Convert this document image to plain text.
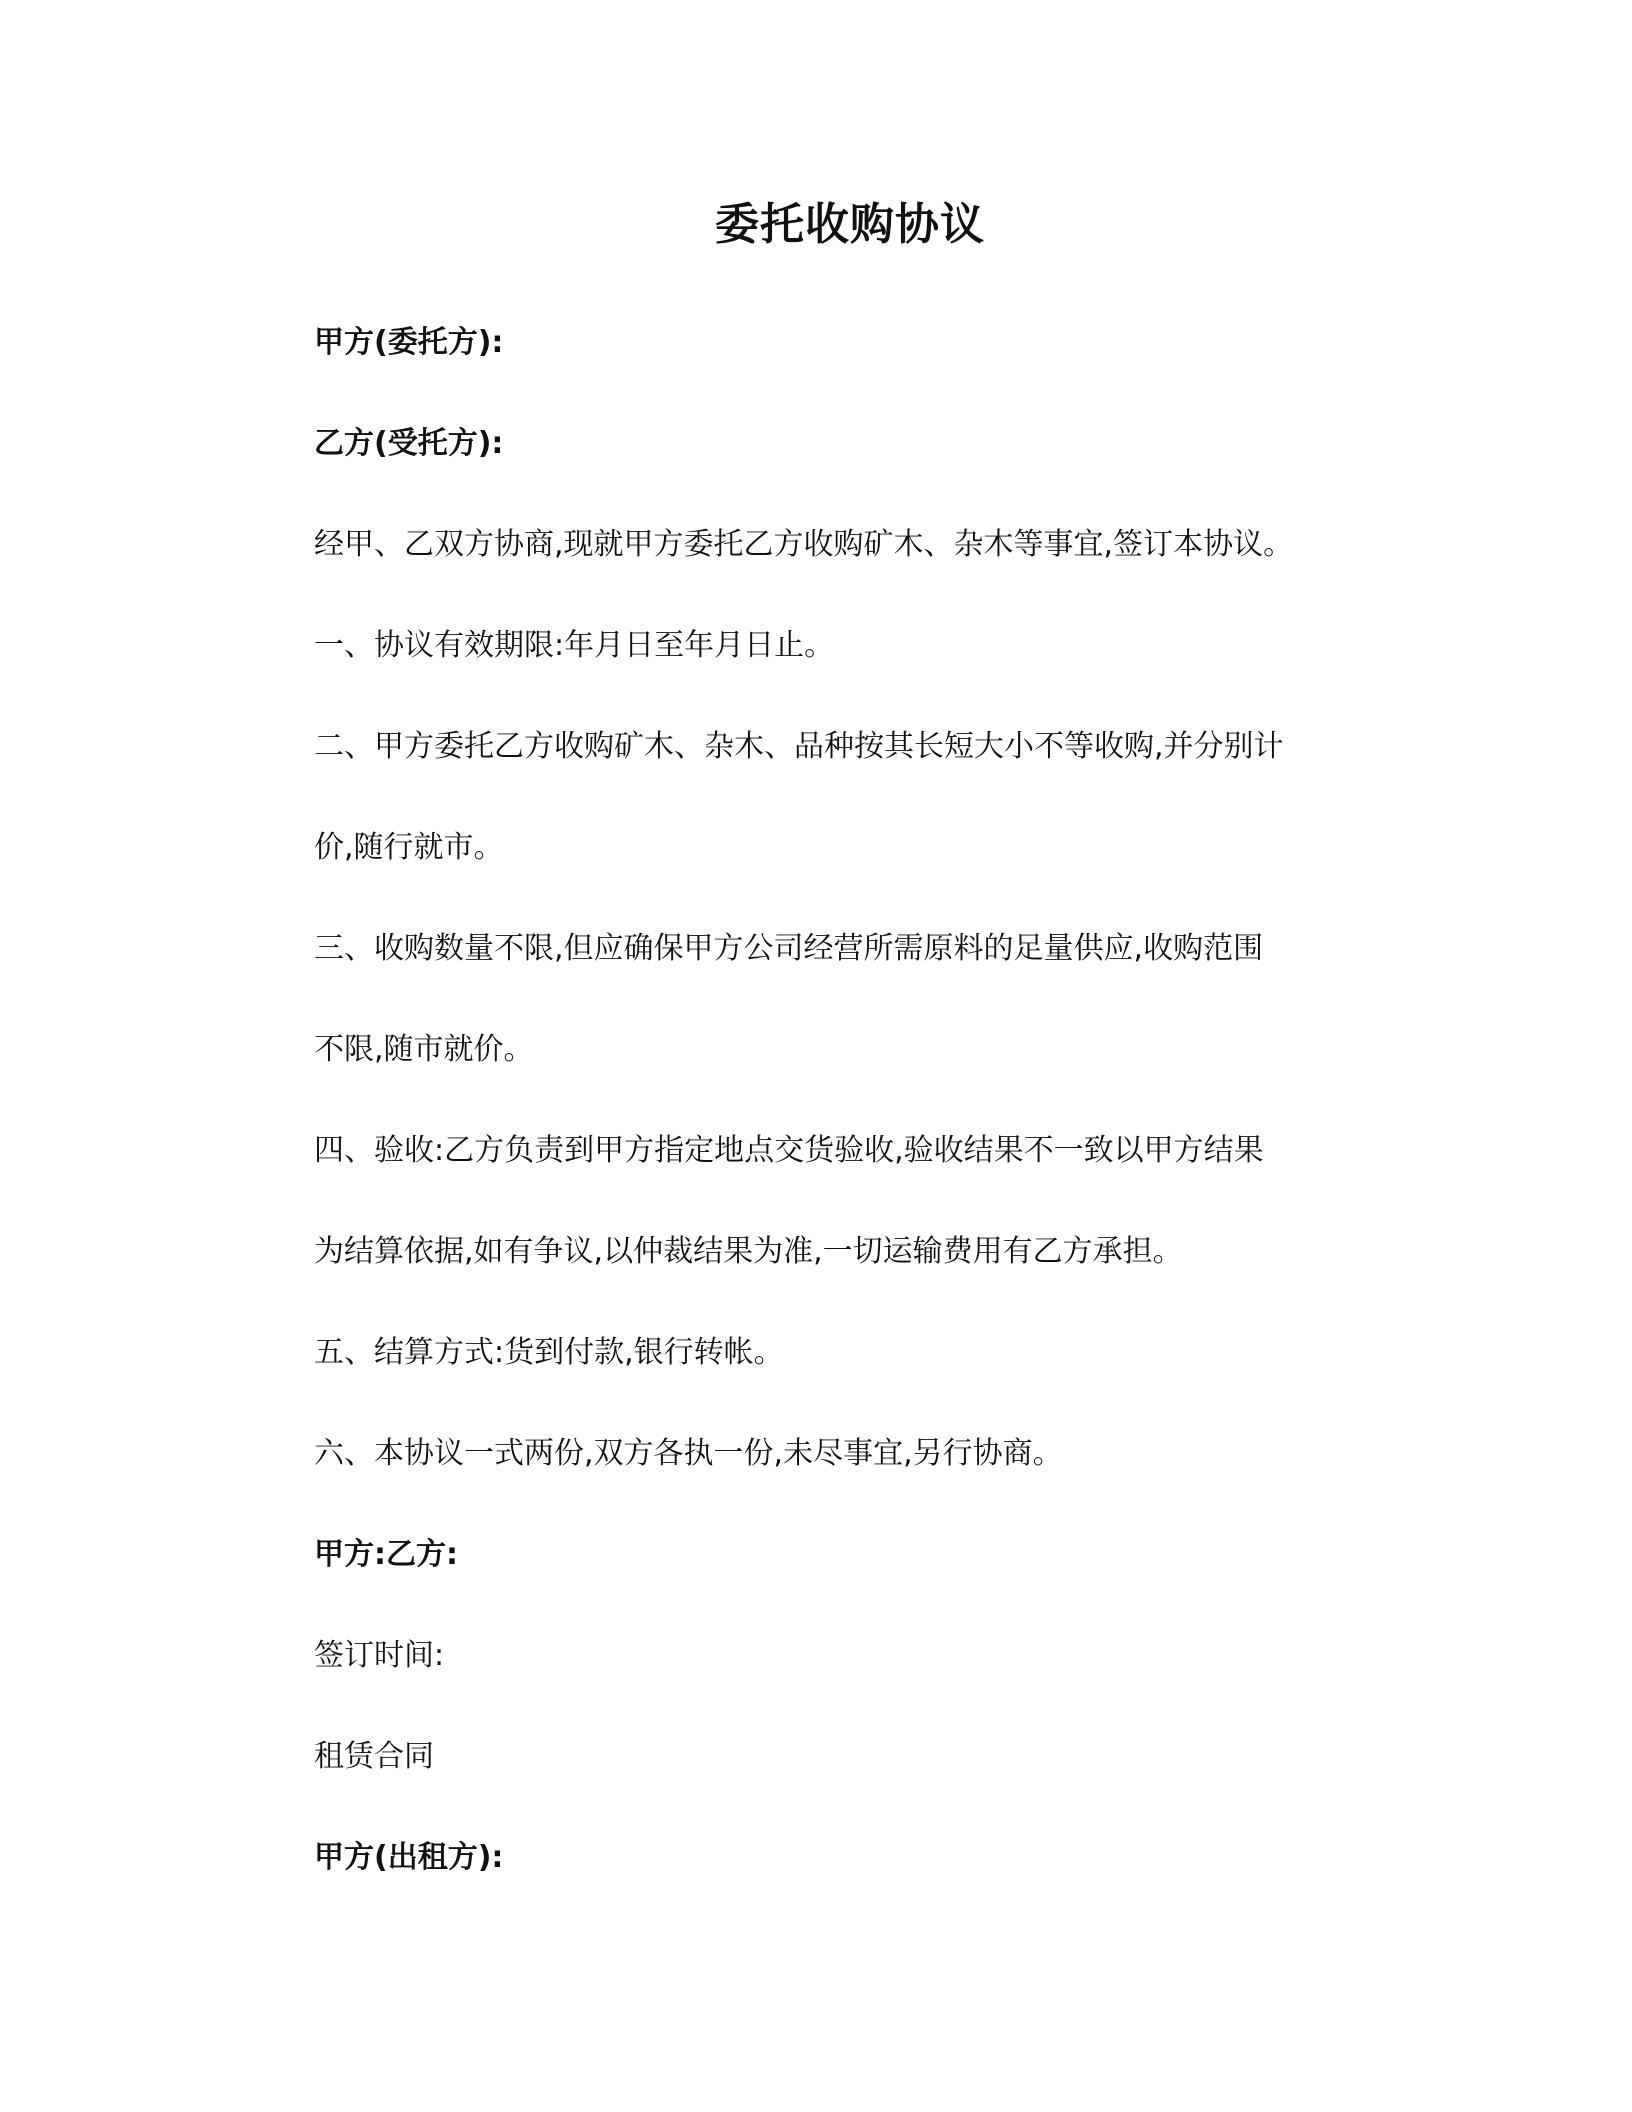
委托收购协议
甲方(委托方):
乙方(受托方):
经甲、乙双方协商,现就甲方委托乙方收购矿木、杂木等事宜,签订本协议。
一、协议有效期限:年月日至年月日止。
二、甲方委托乙方收购矿木、杂木、品种按其长短大小不等收购,并分别计
价,随行就市。
三、收购数量不限,但应确保甲方公司经营所需原料的足量供应,收购范围
不限,随市就价。
四、验收:乙方负责到甲方指定地点交货验收,验收结果不一致以甲方结果
为结算依据,如有争议,以仲裁结果为准,一切运输费用有乙方承担。
五、结算方式:货到付款,银行转帐。
六、本协议一式两份,双方各执一份,未尽事宜,另行协商。
甲方:乙方:
签订时间:
租赁合同
甲方(出租方):
